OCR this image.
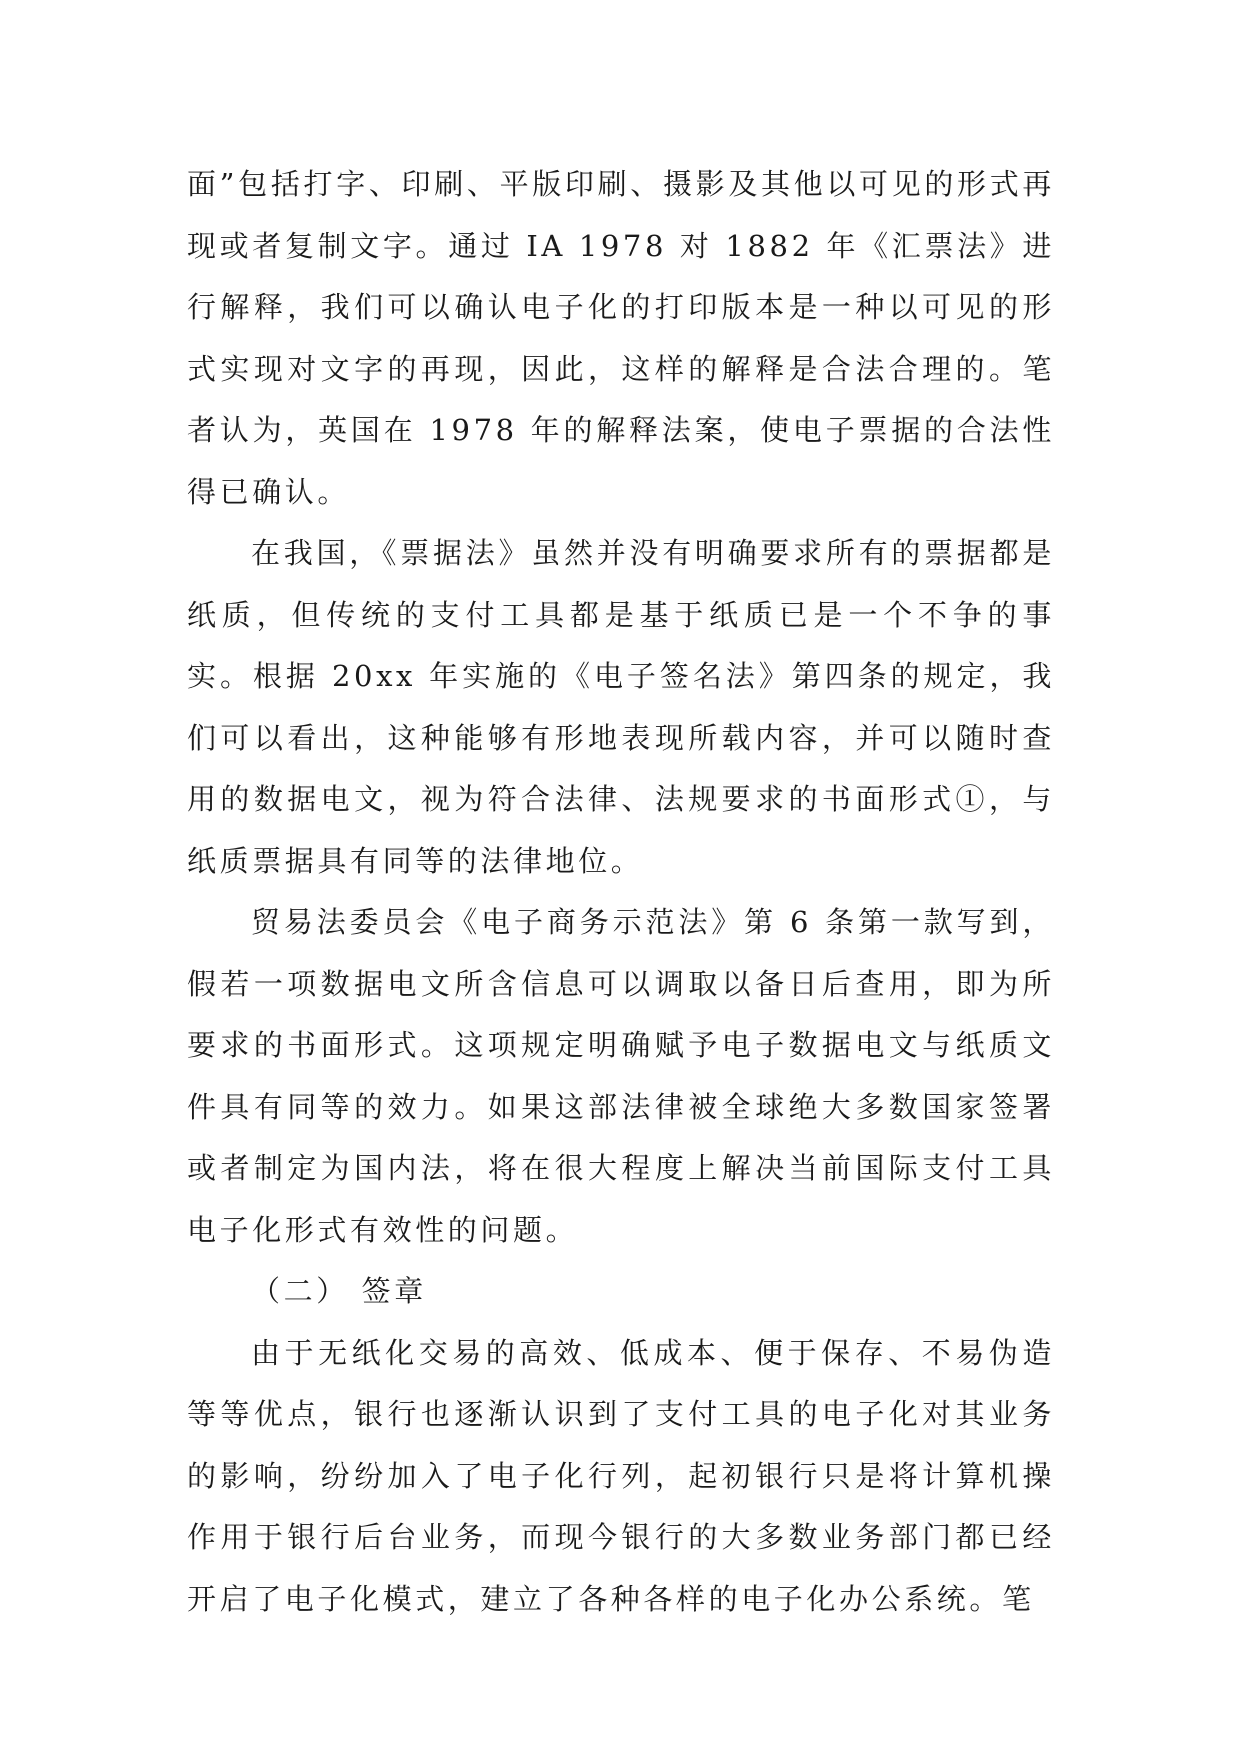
面”包括打字、印刷、平版印刷、摄影及其他以可见的形式再现或者复制文字。通过 IA 1978 对 1882 年《汇票法》进行解释，我们可以确认电子化的打印版本是一种以可见的形式实现对文字的再现，因此，这样的解释是合法合理的。笔者认为，英国在 1978 年的解释法案，使电子票据的合法性得已确认。

在我国，《票据法》虽然并没有明确要求所有的票据都是纸质，但传统的支付工具都是基于纸质已是一个不争的事实。根据 20xx 年实施的《电子签名法》第四条的规定，我们可以看出，这种能够有形地表现所载内容，并可以随时查用的数据电文，视为符合法律、法规要求的书面形式①，与纸质票据具有同等的法律地位。

贸易法委员会《电子商务示范法》第 6 条第一款写到，假若一项数据电文所含信息可以调取以备日后查用，即为所要求的书面形式。这项规定明确赋予电子数据电文与纸质文件具有同等的效力。如果这部法律被全球绝大多数国家签署或者制定为国内法，将在很大程度上解决当前国际支付工具电子化形式有效性的问题。

（二） 签章

由于无纸化交易的高效、低成本、便于保存、不易伪造等等优点，银行也逐渐认识到了支付工具的电子化对其业务的影响，纷纷加入了电子化行列，起初银行只是将计算机操作用于银行后台业务，而现今银行的大多数业务部门都已经开启了电子化模式，建立了各种各样的电子化办公系统。笔
